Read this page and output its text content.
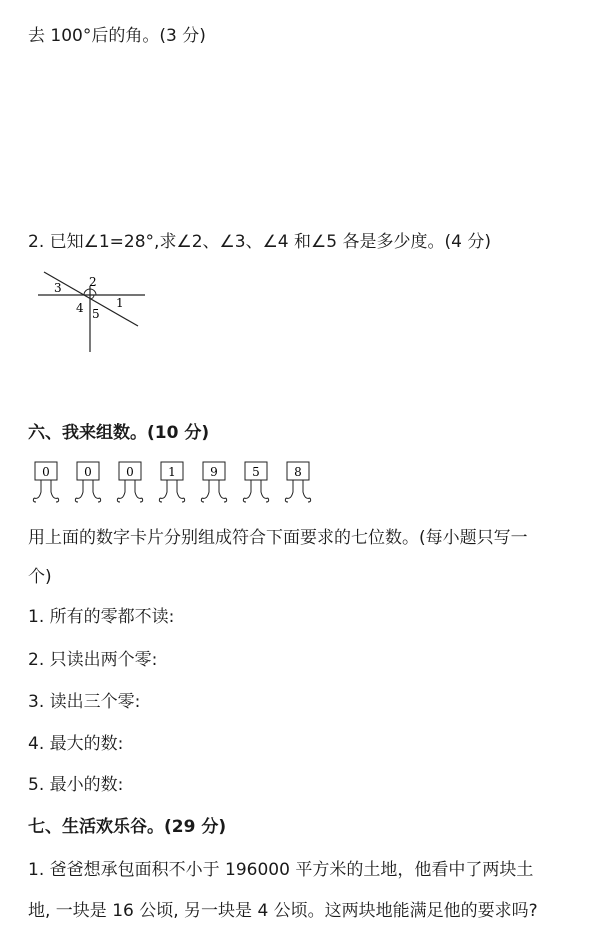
去 100°后的角。(3 分)
2. 已知∠1=28°,求∠2、∠3、∠4 和∠5 各是多少度。(4 分)
1
2
3
4 5
六、我来组数。(10 分)
0	0	0	1	9	5	8
用上面的数字卡片分别组成符合下面要求的七位数。(每小题只写一
个)
1. 所有的零都不读:
2. 只读出两个零:
3. 读出三个零:
4. 最大的数:
5. 最小的数:
七、生活欢乐谷。(29 分)
1. 爸爸想承包面积不小于 196000 平方米的土地，他看中了两块土
地, 一块是 16 公顷, 另一块是 4 公顷。这两块地能满足他的要求吗?
